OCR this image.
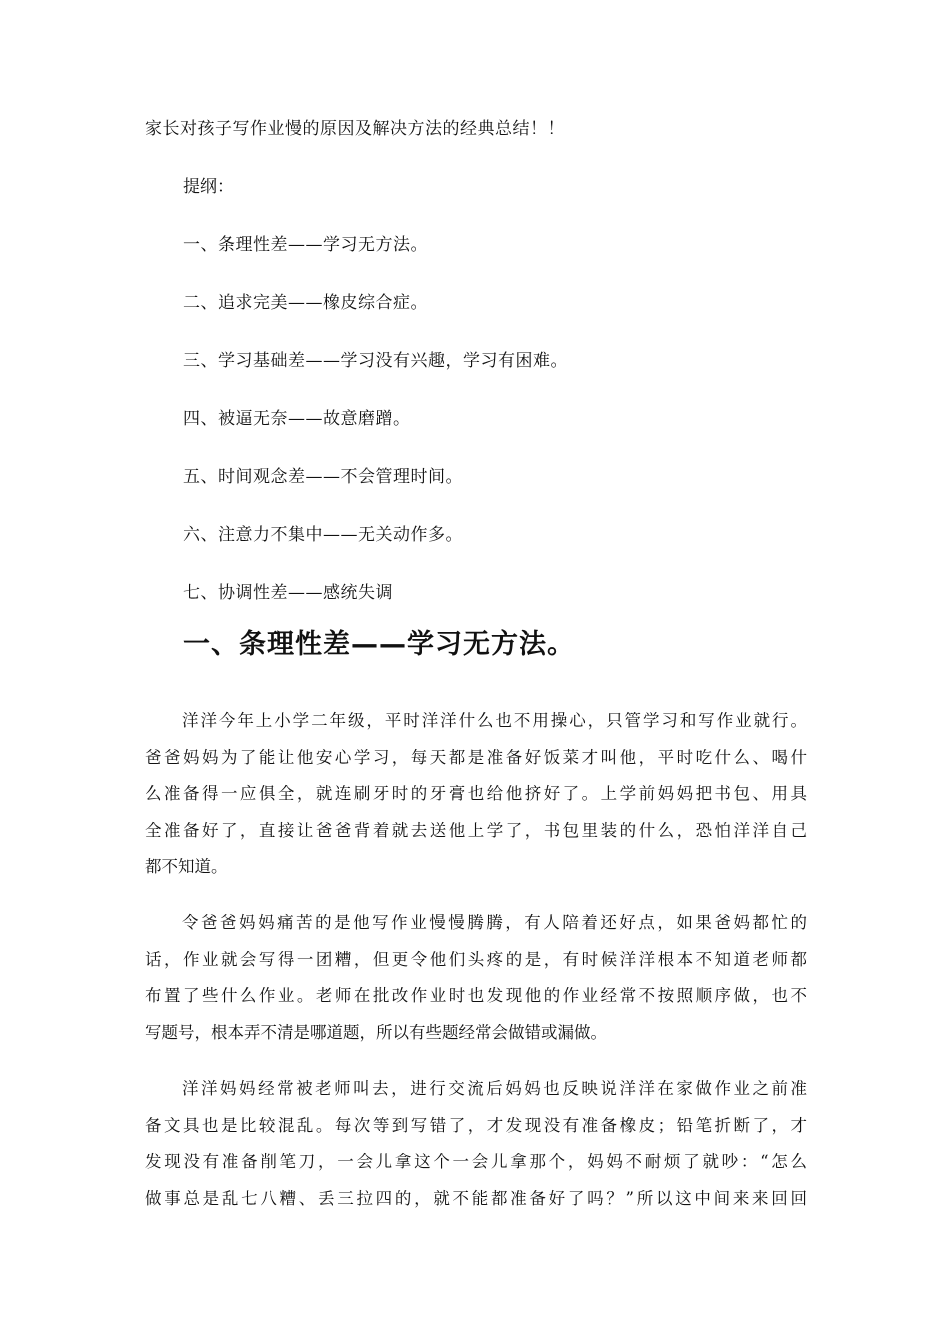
家长对孩子写作业慢的原因及解决方法的经典总结！！
提纲：
一、条理性差——学习无方法。
二、追求完美——橡皮综合症。
三、学习基础差——学习没有兴趣，学习有困难。
四、被逼无奈——故意磨蹭。
五、时间观念差——不会管理时间。
六、注意力不集中——无关动作多。
七、协调性差——感统失调
一、条理性差——学习无方法。
洋洋今年上小学二年级，平时洋洋什么也不用操心，只管学习和写作业就行。
爸爸妈妈为了能让他安心学习，每天都是准备好饭菜才叫他，平时吃什么、喝什
么准备得一应俱全，就连刷牙时的牙膏也给他挤好了。上学前妈妈把书包、用具
全准备好了，直接让爸爸背着就去送他上学了，书包里装的什么，恐怕洋洋自己
都不知道。
令爸爸妈妈痛苦的是他写作业慢慢腾腾，有人陪着还好点，如果爸妈都忙的
话，作业就会写得一团糟，但更令他们头疼的是，有时候洋洋根本不知道老师都
布置了些什么作业。老师在批改作业时也发现他的作业经常不按照顺序做，也不
写题号，根本弄不清是哪道题，所以有些题经常会做错或漏做。
洋洋妈妈经常被老师叫去，进行交流后妈妈也反映说洋洋在家做作业之前准
备文具也是比较混乱。每次等到写错了，才发现没有准备橡皮；铅笔折断了，才
发现没有准备削笔刀，一会儿拿这个一会儿拿那个，妈妈不耐烦了就吵：“怎么
做事总是乱七八糟、丢三拉四的，就不能都准备好了吗？”所以这中间来来回回
